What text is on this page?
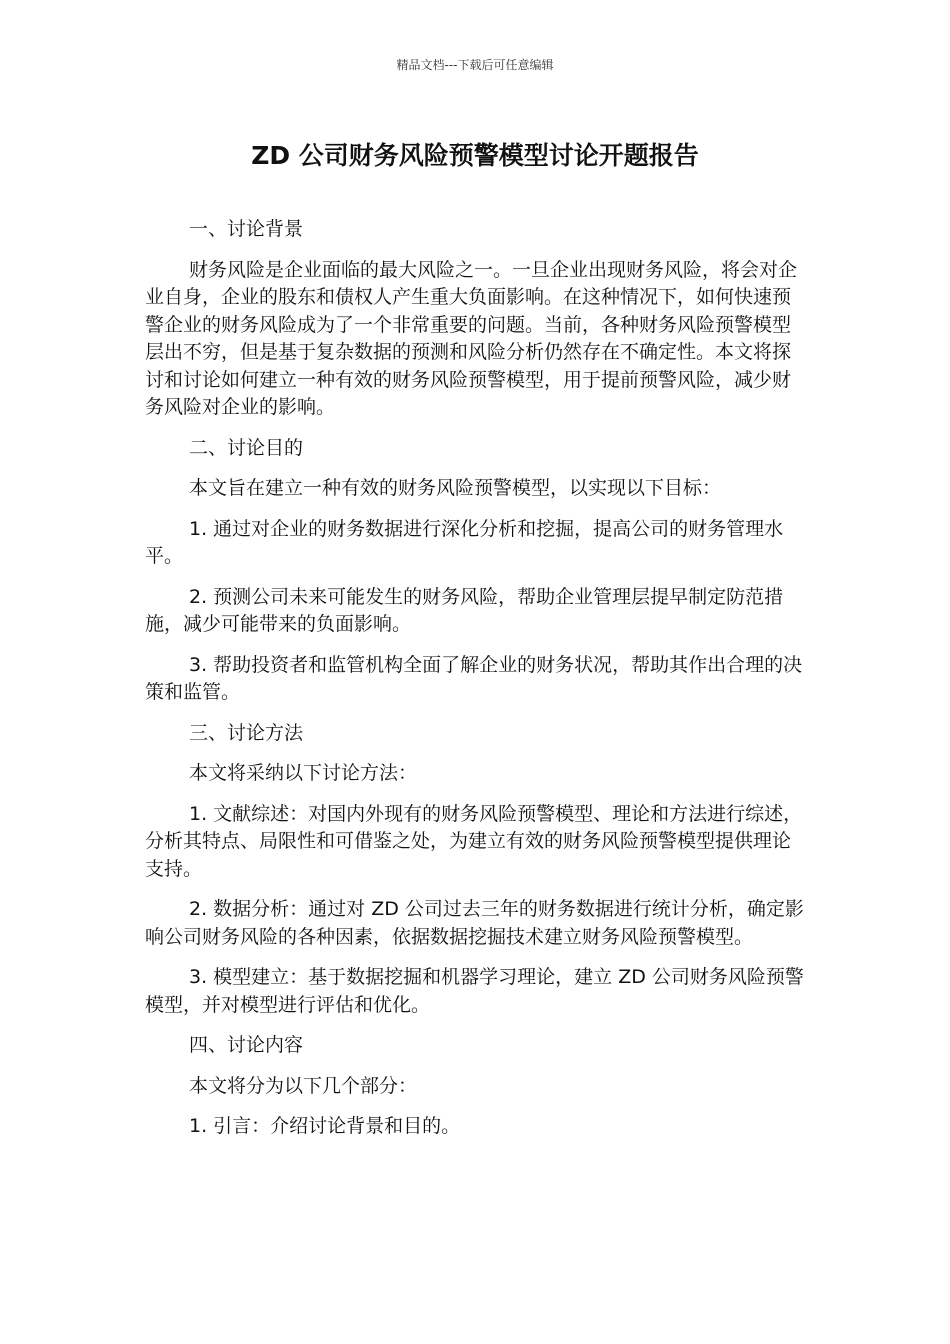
精品文档---下载后可任意编辑
ZD 公司财务风险预警模型讨论开题报告

一、讨论背景

财务风险是企业面临的最大风险之一。一旦企业出现财务风险，将会对企业自身，企业的股东和债权人产生重大负面影响。在这种情况下，如何快速预警企业的财务风险成为了一个非常重要的问题。当前，各种财务风险预警模型层出不穷，但是基于复杂数据的预测和风险分析仍然存在不确定性。本文将探讨和讨论如何建立一种有效的财务风险预警模型，用于提前预警风险，减少财务风险对企业的影响。

二、讨论目的

本文旨在建立一种有效的财务风险预警模型，以实现以下目标：

1. 通过对企业的财务数据进行深化分析和挖掘，提高公司的财务管理水平。

2. 预测公司未来可能发生的财务风险，帮助企业管理层提早制定防范措施，减少可能带来的负面影响。

3. 帮助投资者和监管机构全面了解企业的财务状况，帮助其作出合理的决策和监管。

三、讨论方法

本文将采纳以下讨论方法：

1. 文献综述：对国内外现有的财务风险预警模型、理论和方法进行综述，分析其特点、局限性和可借鉴之处，为建立有效的财务风险预警模型提供理论支持。

2. 数据分析：通过对 ZD 公司过去三年的财务数据进行统计分析，确定影响公司财务风险的各种因素，依据数据挖掘技术建立财务风险预警模型。

3. 模型建立：基于数据挖掘和机器学习理论，建立 ZD 公司财务风险预警模型，并对模型进行评估和优化。

四、讨论内容

本文将分为以下几个部分：

1. 引言：介绍讨论背景和目的。
